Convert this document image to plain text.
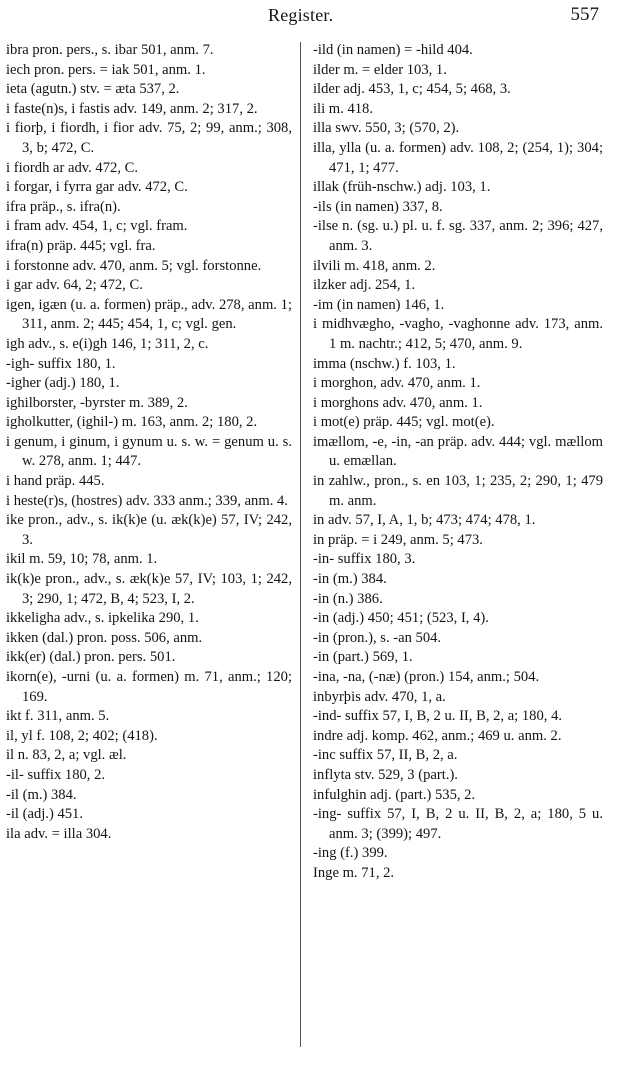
Register.	557
ibra pron. pers., s. ibar 501, anm. 7.
iech pron. pers. = iak 501, anm. 1.
ieta (agutn.) stv. = æta 537, 2.
i faste(n)s, i fastis adv. 149, anm. 2; 317, 2.
i fiorþ, i fiordh, i fior adv. 75, 2; 99, anm.; 308, 3, b; 472, C.
i fiordh ar adv. 472, C.
i forgar, i fyrra gar adv. 472, C.
ifra präp., s. ifra(n).
i fram adv. 454, 1, c; vgl. fram.
ifra(n) präp. 445; vgl. fra.
i forstonne adv. 470, anm. 5; vgl. forstonne.
i gar adv. 64, 2; 472, C.
igen, igæn (u. a. formen) präp., adv. 278, anm. 1; 311, anm. 2; 445; 454, 1, c; vgl. gen.
igh adv., s. e(i)gh 146, 1; 311, 2, c.
-igh- suffix 180, 1.
-igher (adj.) 180, 1.
ighilborster, -byrster m. 389, 2.
igholkutter, (ighil-) m. 163, anm. 2; 180, 2.
i genum, i ginum, i gynum u. s. w. = genum u. s. w. 278, anm. 1; 447.
i hand präp. 445.
i heste(r)s, (hostres) adv. 333 anm.; 339, anm. 4.
ike pron., adv., s. ik(k)e (u. æk(k)e) 57, IV; 242, 3.
ikil m. 59, 10; 78, anm. 1.
ik(k)e pron., adv., s. æk(k)e 57, IV; 103, 1; 242, 3; 290, 1; 472, B, 4; 523, I, 2.
ikkeligha adv., s. ipkelika 290, 1.
ikken (dal.) pron. poss. 506, anm.
ikk(er) (dal.) pron. pers. 501.
ikorn(e), -urni (u. a. formen) m. 71, anm.; 120; 169.
ikt f. 311, anm. 5.
il, yl f. 108, 2; 402; (418).
il n. 83, 2, a; vgl. æl.
-il- suffix 180, 2.
-il (m.) 384.
-il (adj.) 451.
ila adv. = illa 304.
-ild (in namen) = -hild 404.
ilder m. = elder 103, 1.
ilder adj. 453, 1, c; 454, 5; 468, 3.
ili m. 418.
illa swv. 550, 3; (570, 2).
illa, ylla (u. a. formen) adv. 108, 2; (254, 1); 304; 471, 1; 477.
illak (früh-nschw.) adj. 103, 1.
-ils (in namen) 337, 8.
-ilse n. (sg. u.) pl. u. f. sg. 337, anm. 2; 396; 427, anm. 3.
ilvili m. 418, anm. 2.
ilzker adj. 254, 1.
-im (in namen) 146, 1.
i midhvægho, -vagho, -vaghonne adv. 173, anm. 1 m. nachtr.; 412, 5; 470, anm. 9.
imma (nschw.) f. 103, 1.
i morghon, adv. 470, anm. 1.
i morghons adv. 470, anm. 1.
i mot(e) präp. 445; vgl. mot(e).
imællom, -e, -in, -an präp. adv. 444; vgl. mællom u. emællan.
in zahlw., pron., s. en 103, 1; 235, 2; 290, 1; 479 m. anm.
in adv. 57, I, A, 1, b; 473; 474; 478, 1.
in präp. = i 249, anm. 5; 473.
-in- suffix 180, 3.
-in (m.) 384.
-in (n.) 386.
-in (adj.) 450; 451; (523, I, 4).
-in (pron.), s. -an 504.
-in (part.) 569, 1.
-ina, -na, (-næ) (pron.) 154, anm.; 504.
inbyrþis adv. 470, 1, a.
-ind- suffix 57, I, B, 2 u. II, B, 2, a; 180, 4.
indre adj. komp. 462, anm.; 469 u. anm. 2.
-inc suffix 57, II, B, 2, a.
inflyta stv. 529, 3 (part.).
infulghin adj. (part.) 535, 2.
-ing- suffix 57, I, B, 2 u. II, B, 2, a; 180, 5 u. anm. 3; (399); 497.
-ing (f.) 399.
Inge m. 71, 2.
